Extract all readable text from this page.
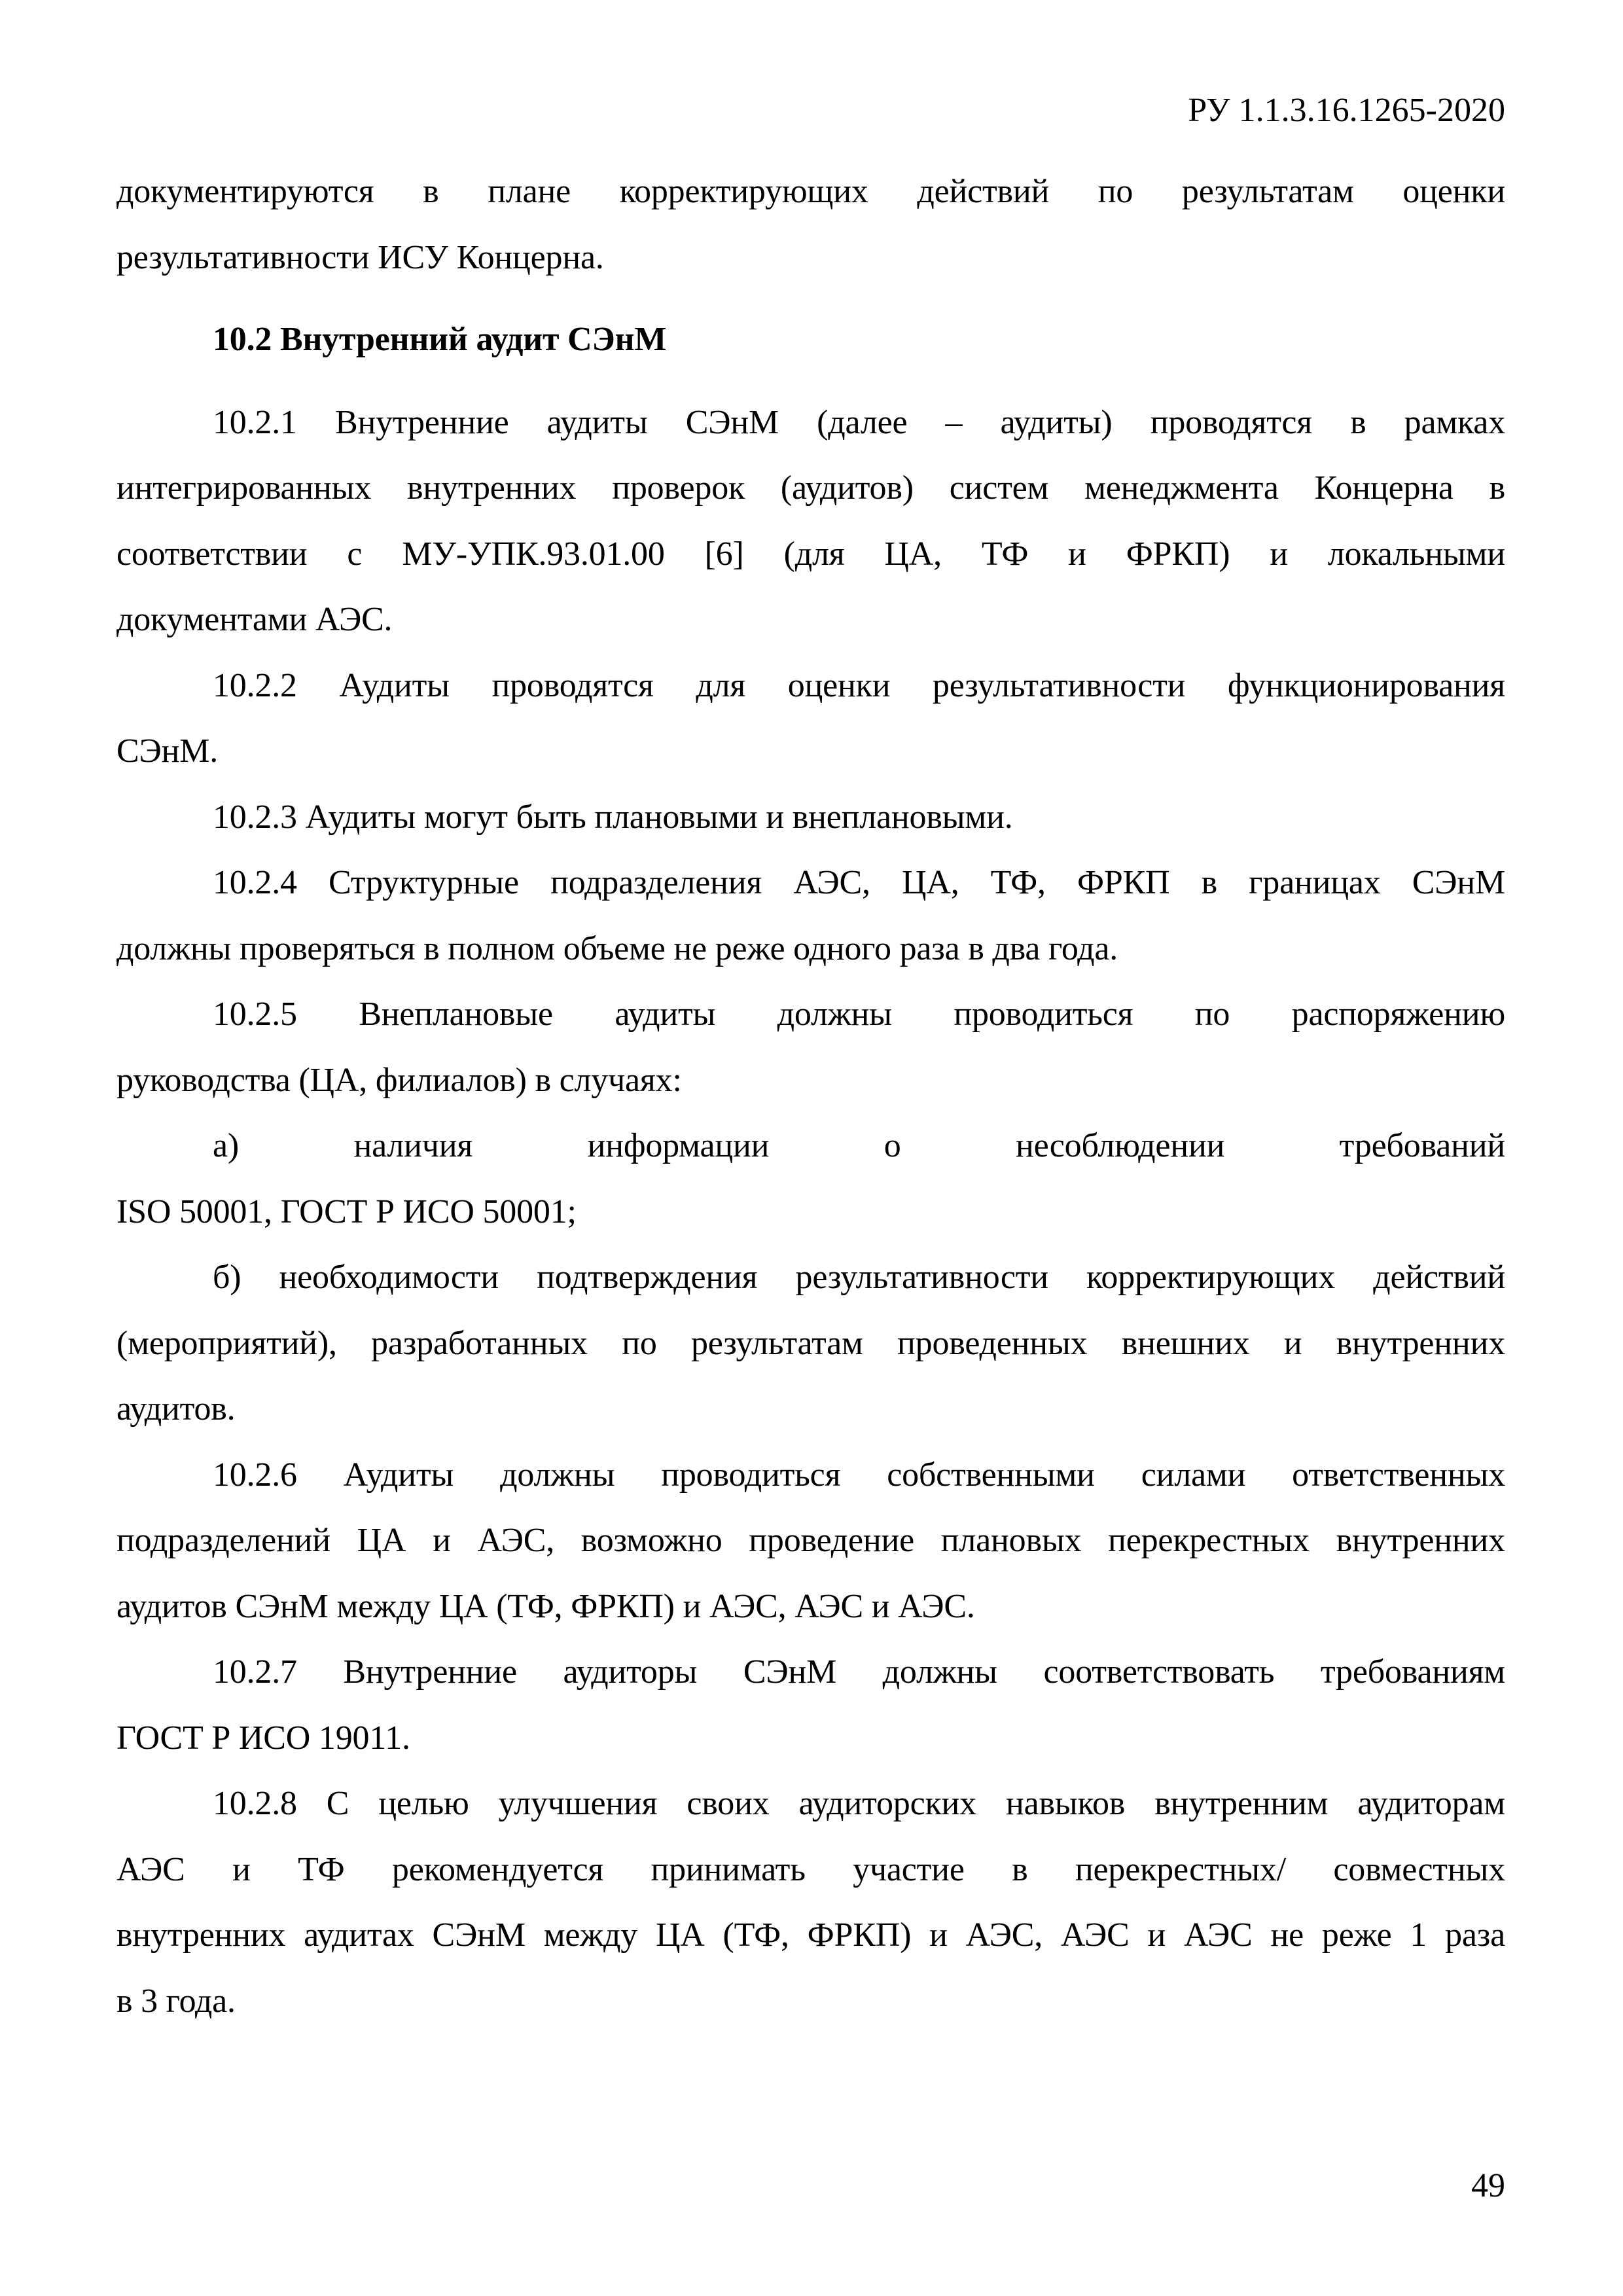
РУ 1.1.3.16.1265-2020
документируются в плане корректирующих действий по результатам оценки
результативности ИСУ Концерна.
10.2 Внутренний аудит СЭнМ
10.2.1 Внутренние аудиты СЭнМ (далее – аудиты) проводятся в рамках
интегрированных внутренних проверок (аудитов) систем менеджмента Концерна в
соответствии с МУ-УПК.93.01.00 [6] (для ЦА, ТФ и ФРКП) и локальными
документами АЭС.
10.2.2 Аудиты проводятся для оценки результативности функционирования
СЭнМ.
10.2.3 Аудиты могут быть плановыми и внеплановыми.
10.2.4 Структурные подразделения АЭС, ЦА, ТФ, ФРКП в границах СЭнМ
должны проверяться в полном объеме не реже одного раза в два года.
10.2.5 Внеплановые аудиты должны проводиться по распоряжению
руководства (ЦА, филиалов) в случаях:
а) наличия информации о несоблюдении требований
ISO 50001, ГОСТ Р ИСО 50001;
б) необходимости подтверждения результативности корректирующих действий
(мероприятий), разработанных по результатам проведенных внешних и внутренних
аудитов.
10.2.6 Аудиты должны проводиться собственными силами ответственных
подразделений ЦА и АЭС, возможно проведение плановых перекрестных внутренних
аудитов СЭнМ между ЦА (ТФ, ФРКП) и АЭС, АЭС и АЭС.
10.2.7 Внутренние аудиторы СЭнМ должны соответствовать требованиям
ГОСТ Р ИСО 19011.
10.2.8 С целью улучшения своих аудиторских навыков внутренним аудиторам
АЭС и ТФ рекомендуется принимать участие в перекрестных/ совместных
внутренних аудитах СЭнМ между ЦА (ТФ, ФРКП) и АЭС, АЭС и АЭС не реже 1 раза
в 3 года.
49
